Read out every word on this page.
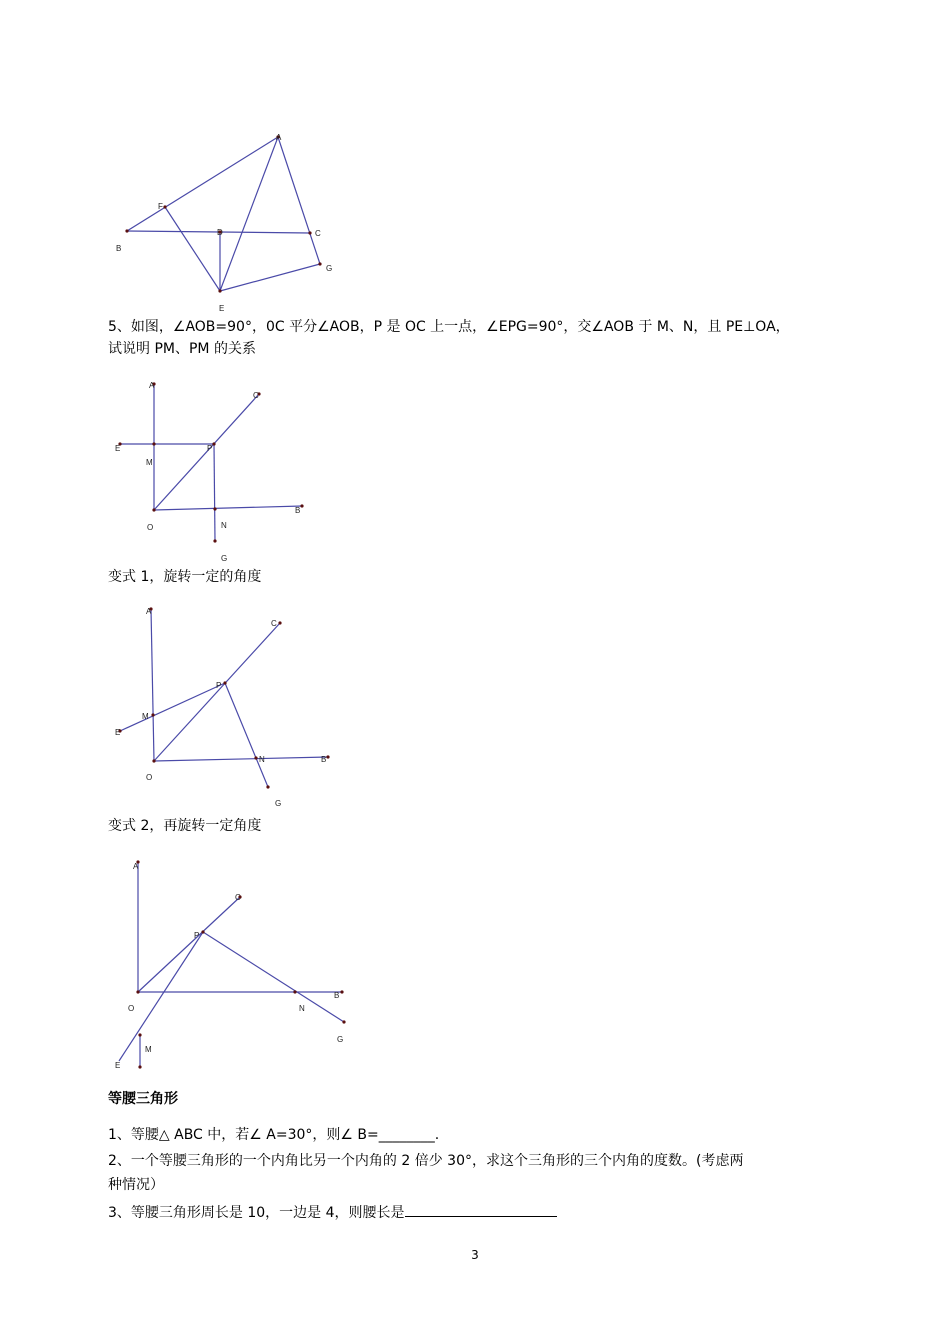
A
F
D	C
B
G
E
5、如图，∠AOB=90°，0C 平分∠AOB，P 是 OC 上一点，∠EPG=90°，交∠AOB 于 M、N，且 PE⊥OA，
试说明 PM、PM 的关系
A
C
E	P
M
O
B
N
G
变式 1，旋转一定的角度
A
C
P
M
E
O
N	B
G
变式 2，再旋转一定角度
A
C
P
O
B
N
G
M
E
等腰三角形
1、等腰△ ABC 中，若∠ A=30°，则∠ B=________.
2、一个等腰三角形的一个内角比另一个内角的 2 倍少 30°，求这个三角形的三个内角的度数。(考虑两
种情况）
3、等腰三角形周长是 10，一边是 4，则腰长是
3
